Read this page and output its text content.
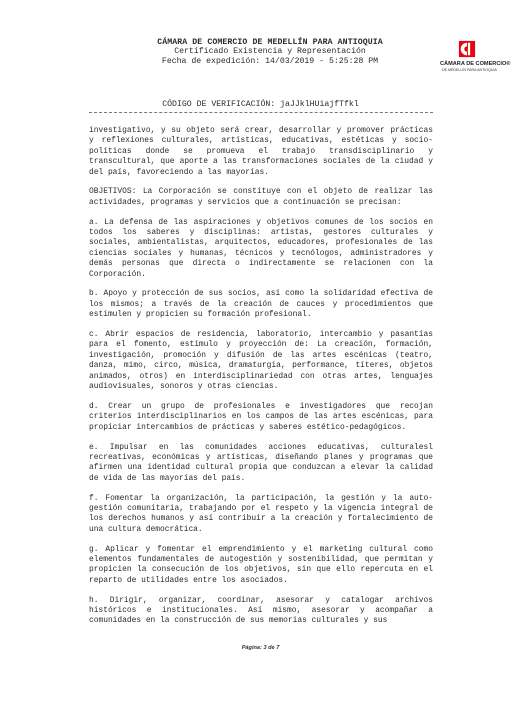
CÁMARA DE COMERCIO DE MEDELLÍN PARA ANTIOQUIA
Certificado Existencia y Representación
Fecha de expedición: 14/03/2019 - 5:25:28 PM	CÁMARA DE COMERCIO®
DE MEDELLÍN PARA ANTIOQUIA
CÓDIGO DE VERIFICACIÓN: jaJJklHUiajfTfkl

investigativo, y su objeto será crear, desarrollar y promover prácticas y reflexiones culturales, artísticas, educativas, estéticas y socio-políticas donde se promueva el trabajo transdisciplinario y transcultural, que aporte a las transformaciones sociales de la ciudad y del país, favoreciendo a las mayorías.

OBJETIVOS: La Corporación se constituye con el objeto de realizar las actividades, programas y servicios que a continuación se precisan:

a. La defensa de las aspiraciones y objetivos comunes de los socios en todos los saberes y disciplinas: artistas, gestores culturales y sociales, ambientalistas, arquitectos, educadores, profesionales de las ciencias sociales y humanas, técnicos y tecnólogos, administradores y demás personas que directa o indirectamente se relacionen con la Corporación.

b. Apoyo y protección de sus socios, así como la solidaridad efectiva de los mismos; a través de la creación de cauces y procedimientos que estimulen y propicien su formación profesional.

c. Abrir espacios de residencia, laboratorio, intercambio y pasantías para el fomento, estímulo y proyección de: La creación, formación, investigación, promoción y difusión de las artes escénicas (teatro, danza, mimo, circo, música, dramaturgia, performance, títeres, objetos animados, otros) en interdisciplinariedad con otras artes, lenguajes audiovisuales, sonoros y otras ciencias.

d. Crear un grupo de profesionales e investigadores que recojan criterios interdisciplinarios en los campos de las artes escénicas, para propiciar intercambios de prácticas y saberes estético-pedagógicos.

e. Impulsar en las comunidades acciones educativas, culturalesl recreativas, económicas y artísticas, diseñando planes y programas que afirmen una identidad cultural propia que conduzcan a elevar la calidad de vida de las mayorías del país.

f. Fomentar la organización, la participación, la gestión y la auto-gestión comunitaria, trabajando por el respeto y la vigencia integral de los derechos humanos y así contribuir a la creación y fortalecimiento de una cultura democrática.

g. Aplicar y fomentar el emprendimiento y el marketing cultural como elementos fundamentales de autogestión y sostenibilidad, que permitan y propicien la consecución de los objetivos, sin que ello repercuta en el reparto de utilidades entre los asociados.

h. Dirigir, organizar, coordinar, asesorar y catalogar archivos históricos e institucionales. Así mismo, asesorar y acompañar a comunidades en la construcción de sus memorias culturales y sus

Página: 3 de 7
